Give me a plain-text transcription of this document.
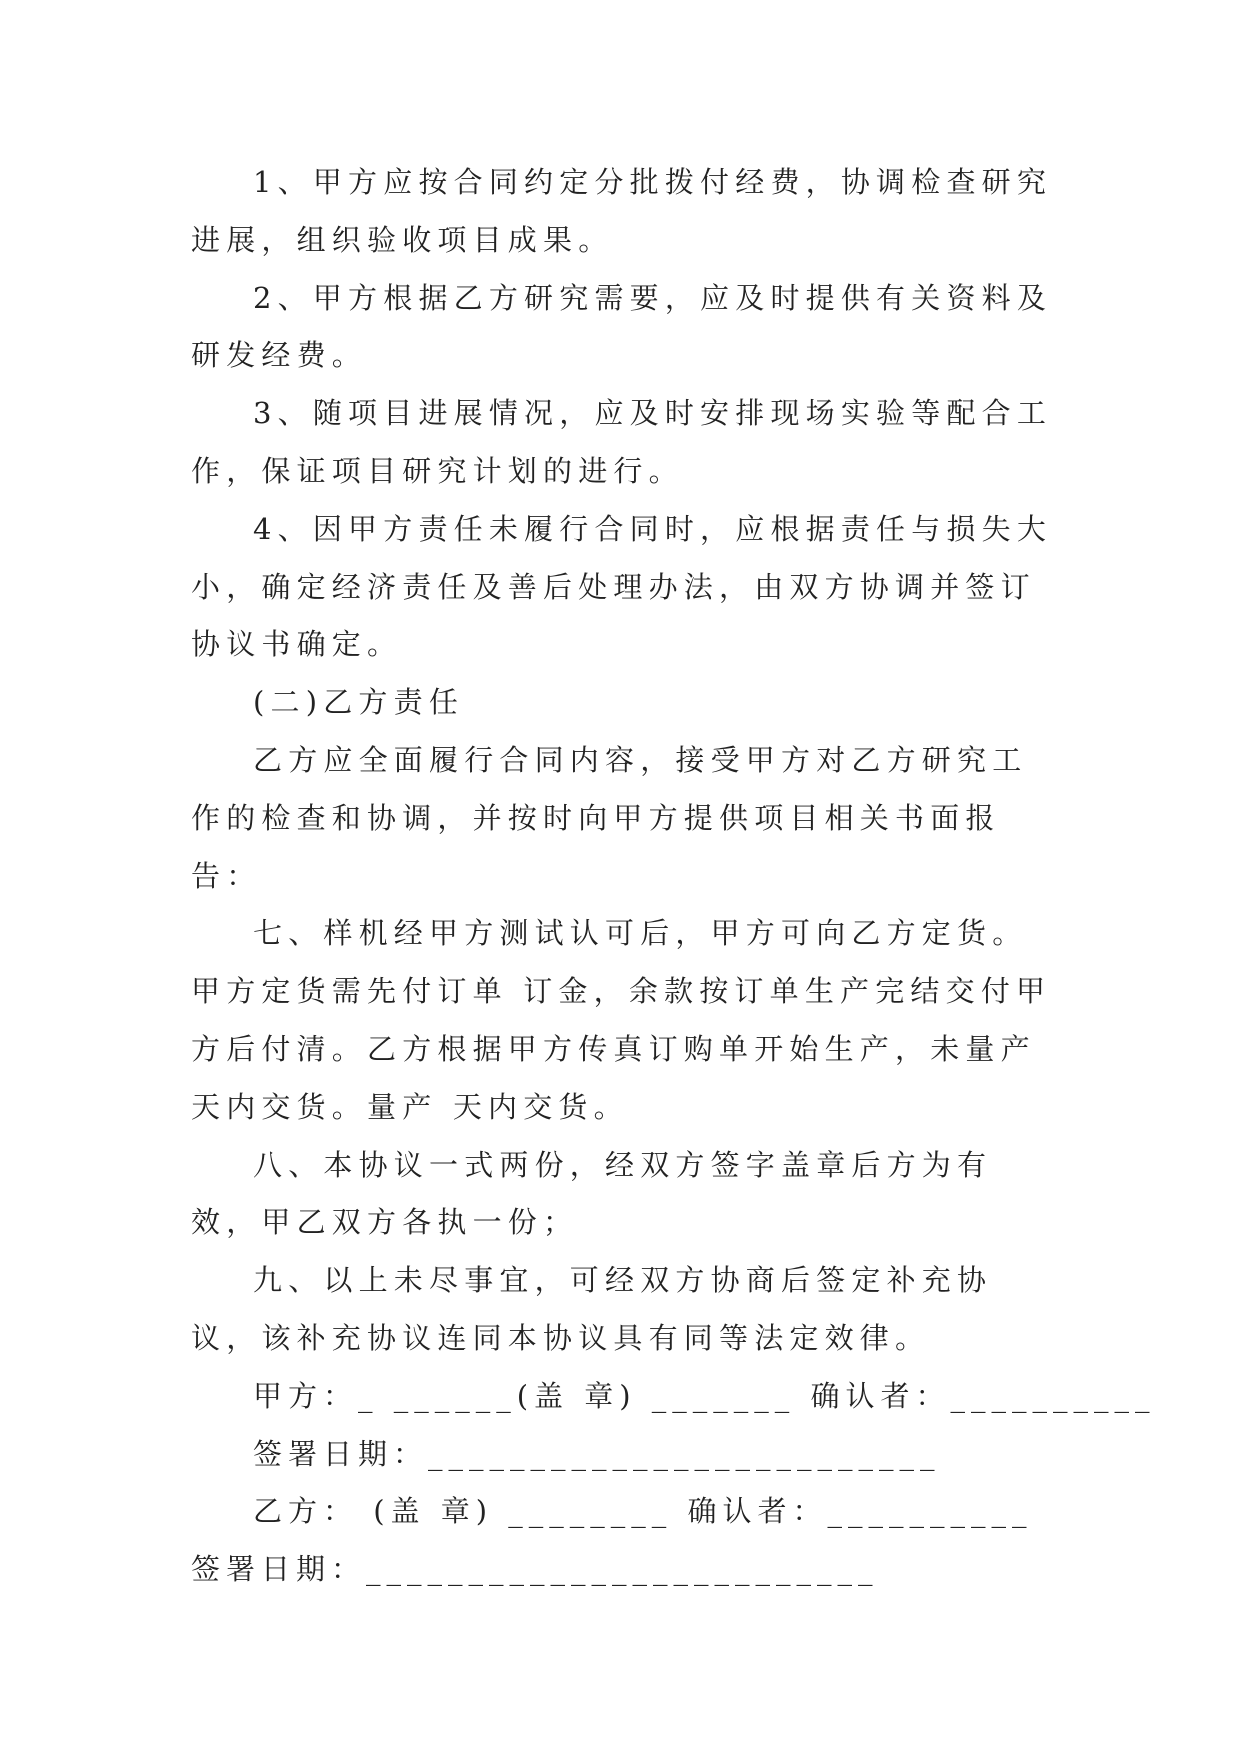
1、甲方应按合同约定分批拨付经费，协调检查研究进展，组织验收项目成果。

2、甲方根据乙方研究需要，应及时提供有关资料及研发经费。

3、随项目进展情况，应及时安排现场实验等配合工作，保证项目研究计划的进行。

4、因甲方责任未履行合同时，应根据责任与损失大小，确定经济责任及善后处理办法，由双方协调并签订协议书确定。

(二)乙方责任

乙方应全面履行合同内容，接受甲方对乙方研究工作的检查和协调，并按时向甲方提供项目相关书面报告：

七、样机经甲方测试认可后，甲方可向乙方定货。甲方定货需先付订单 订金，余款按订单生产完结交付甲方后付清。乙方根据甲方传真订购单开始生产，未量产 天内交货。量产 天内交货。

八、本协议一式两份，经双方签字盖章后方为有效，甲乙双方各执一份；

九、以上未尽事宜，可经双方协商后签定补充协议，该补充协议连同本协议具有同等法定效律。

甲方：_ ______(盖 章) _______ 确认者：__________

签署日期：_________________________

乙方： (盖 章) ________ 确认者：__________ 签署日期：_________________________
